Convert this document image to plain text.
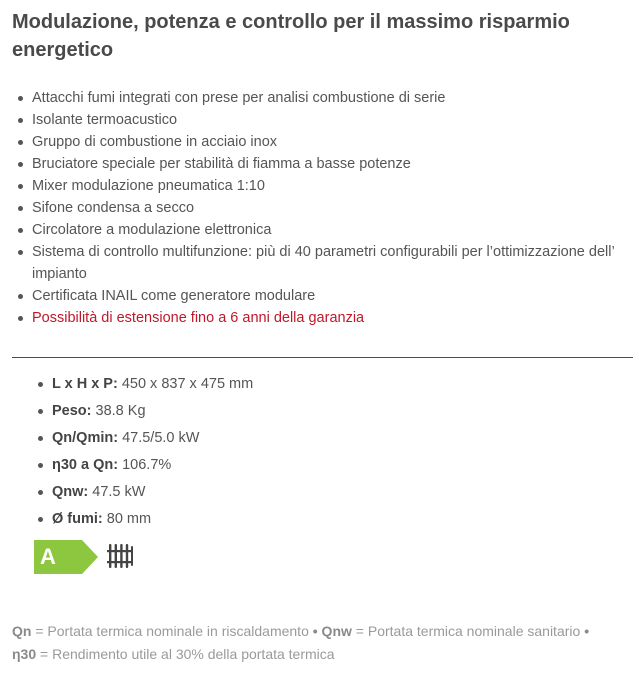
Modulazione, potenza e controllo per il massimo risparmio energetico
Attacchi fumi integrati con prese per analisi combustione di serie
Isolante termoacustico
Gruppo di combustione in acciaio inox
Bruciatore speciale per stabilità di fiamma a basse potenze
Mixer modulazione pneumatica 1:10
Sifone condensa a secco
Circolatore a modulazione elettronica
Sistema di controllo multifunzione: più di 40 parametri configurabili per l’ottimizzazione dell’ impianto
Certificata INAIL come generatore modulare
Possibilità di estensione fino a 6 anni della garanzia
L x H x P: 450 x 837 x 475 mm
Peso: 38.8 Kg
Qn/Qmin: 47.5/5.0 kW
η30 a Qn: 106.7%
Qnw: 47.5 kW
Ø fumi: 80 mm
A

Qn = Portata termica nominale in riscaldamento • Qnw = Portata termica nominale sanitario • η30 = Rendimento utile al 30% della portata termica
